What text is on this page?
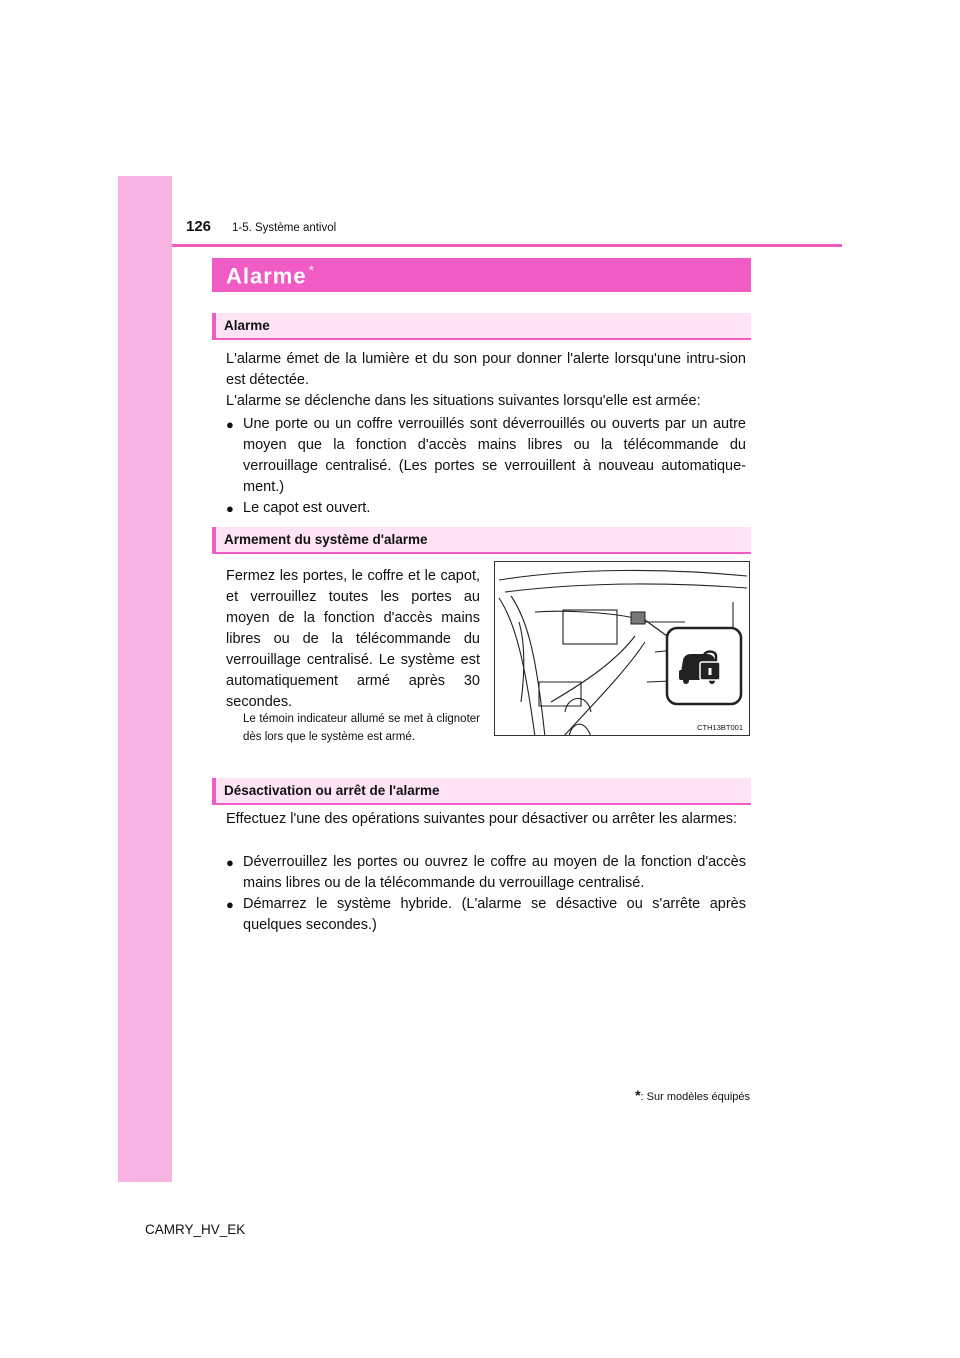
126 1-5. Système antivol
Alarme *
Alarme
L'alarme émet de la lumière et du son pour donner l'alerte lorsqu'une intru-sion est détectée.
L'alarme se déclenche dans les situations suivantes lorsqu'elle est armée:
● Une porte ou un coffre verrouillés sont déverrouillés ou ouverts par un autre moyen que la fonction d'accès mains libres ou la télécommande du verrouillage centralisé. (Les portes se verrouillent à nouveau automatique-ment.)
● Le capot est ouvert.
Armement du système d'alarme
Fermez les portes, le coffre et le capot, et verrouillez toutes les portes au moyen de la fonction d'accès mains libres ou de la télécommande du verrouillage centralisé. Le système est automatiquement armé après 30 secondes.
Le témoin indicateur allumé se met à clignoter dès lors que le système est armé.
CTH13BT001
Désactivation ou arrêt de l'alarme
Effectuez l'une des opérations suivantes pour désactiver ou arrêter les alarmes:
● Déverrouillez les portes ou ouvrez le coffre au moyen de la fonction d'accès mains libres ou de la télécommande du verrouillage centralisé.
● Démarrez le système hybride. (L'alarme se désactive ou s'arrête après quelques secondes.)
*: Sur modèles équipés
CAMRY_HV_EK
